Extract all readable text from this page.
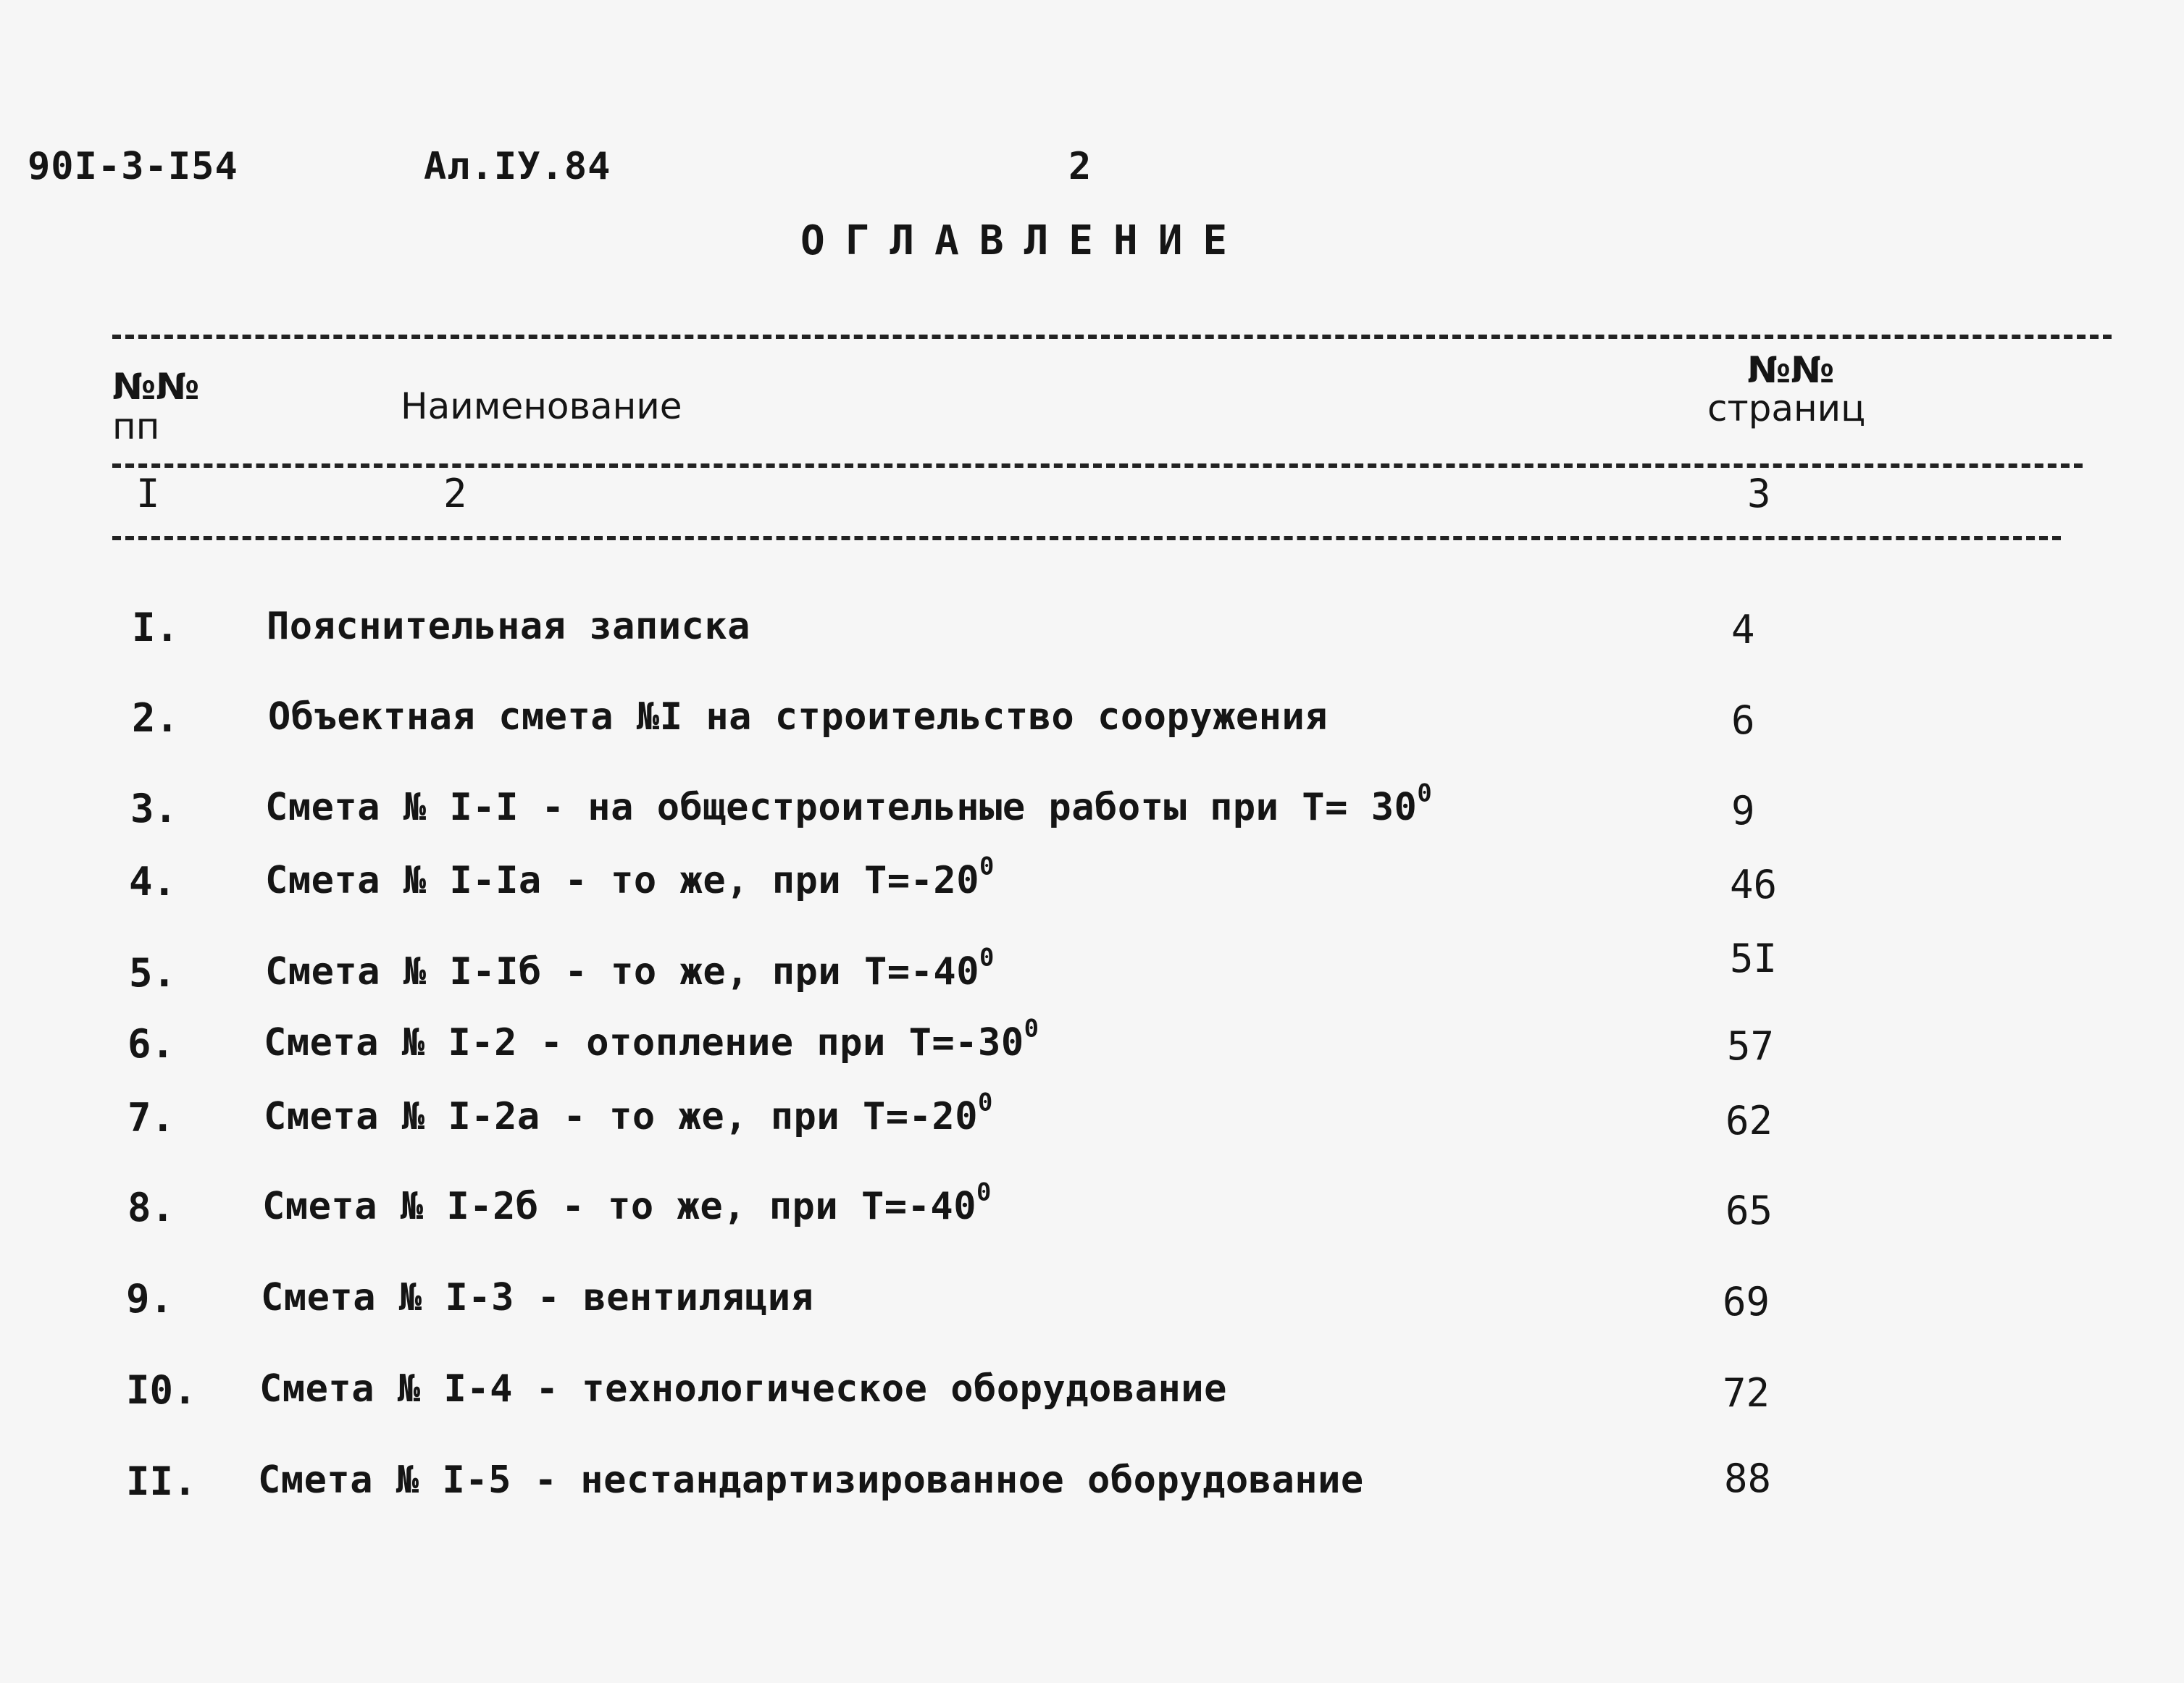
90I-3-I54	Ал.IУ.84	2
ОГЛАВЛЕНИЕ
№№
пп	Наименование
№№
страниц
I	2	3
I. Пояснительная записка	4
2. Объектная смета №I на строительство сооружения	6
3. Смета № I-I - на общестроительные работы при $Т= 30^0$	9
4. Смета № I-Iа - то же, при $Т=-20^0$	46
5. Смета № I-Iб - то же, при $Т=-40^0$	5I
6. Смета № I-2 - отопление при $Т=-30^0$	57
7. Смета № I-2а - то же, при $Т=-20^0$	62
8. Смета № I-2б - то же, при $Т=-40^0$	65
9. Смета № I-3 - вентиляция	69
I0. Смета № I-4 - технологическое оборудование	72
II. Смета № I-5 - нестандартизированное оборудование	88
